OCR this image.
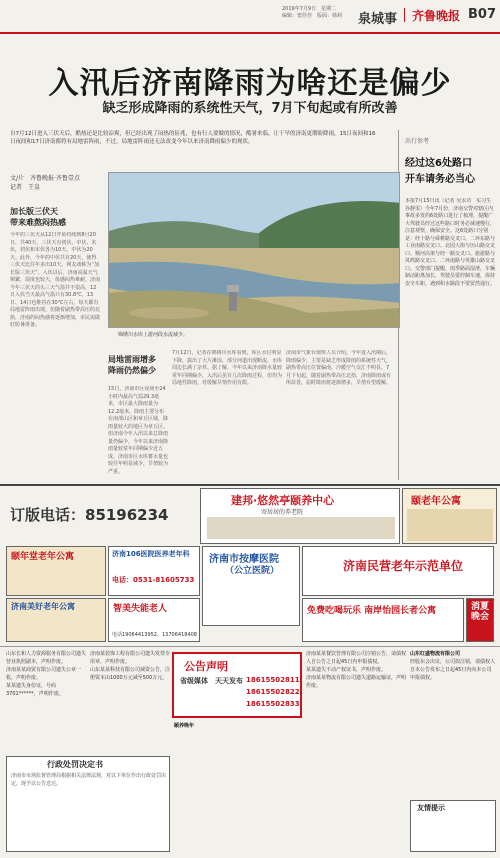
2019年7月9日　星期二
编辑：窦佳佳　版面：韩莉 泉城事 齐鲁晚报 B07
入汛后济南降雨为啥还是偏少
缺乏形成降雨的系统性天气，7月下旬起或有所改善
自7月12日进入三伏天后，酷热还是比较凉爽，但已经出现了闷热的征兆，也有行人要做的情况，酷暑来临，让干旱的济南更期盼降雨，15日夜间和16日夜间和17日济南都将有局地雷阵雨，不过，局地雷阵雨还无法改变今年以来济南降雨偏少的现状。	出行参考
经过这6处路口
开车请务必当心
本报7月15日讯（记者 吴永功　实习生 谷静雯）今年7月份，济南交警对辖区内事故多发的6处路口进行了梳理，提醒广大驾驶员经过这些路口时务必减速慢行，注意观察，确保安全。这6处路口分别是：经十路与舜耕路交叉口、二环东路与工业南路交叉口、北园大街与历山路交叉口、顺河高架与经一路交叉口、旅游路与凤鸣路交叉口、二环南路与英雄山路交叉口。交警部门提醒，雨季路面湿滑，车辆制动距离加长，驾驶员要控制车速，保持安全车距，遇到积水路段不要贸然通行。
文/片　齐鲁晚报·齐鲁壹点
记者　王皇
加长版三伏天
带来难熬闷热感
今年的三伏天从12日开始持续到8月20日，共40天，三伏天有初伏、中伏、末伏，初伏和末伏各为10天，中伏为20天。此外，今年的中伏共有20天，使得三伏天比往年多出10天。网友戏称为“加长版三伏天”。入伏以后，济南高温天气频繁，湿度也较大，体感闷热难耐。济南今年三伏天的头三天气温并不很高，12日入伏当天最高气温只有30.8℃，13日、14日也维持在30℃左右，每天都有局地雷阵雨出现。但随着副热带高压的北抬，济南的闷热感将逐渐增加，市民需做好防暑准备。
锦绣川水库上游河段水流减少。
局地雷雨增多
降雨仍然偏少
15日，济南市区夜间至24小时内最高气温29.3毫米，市区最大降雨量为12.2毫米，降雨主要分布在南部山区和章丘区域，降雨量较大的地区为章丘区。但济南今年入汛以来总降雨量仍偏少，今年以来济南降雨量较常年同期偏少近五成，济南市区水库蓄水量也较往年明显减少，旱情较为严重。
7月12日，记者在锦绣川水库看到，库区水位明显下降，露出了大片滩涂，部分河道出现断流，水库周边长满了杂草。据了解，今年以来济南降水量较常年同期偏少，入汛后虽有几次降雨过程，但均为局地性降雨，对缓解旱情作用有限。
济南市气象台值班人员介绍，今年进入汛期后，降雨偏少，主要是缺乏形成降雨的系统性天气，副热带高压位置偏南，冷暖空气交汇不明显。7月下旬起，随着副热带高压北抬，济南降雨或有所改善，届时降雨将逐渐增多，旱情有望缓解。
建邦·悠然亭颐养中心
寄居居的养老院
颐老年公寓
订版电话：85196234
颐年堂老年公寓	济南106医院医养老年科
电话：0531-81605733
济南市按摩医院
（公立医院）	济南民营老年示范单位
济南美好老年公寓	智美失能老人
电话19064413952、13706418408
免费吃喝玩乐 南岸怡园长者公寓	消夏晚会
山东长和人力资源服务有限公司遗失营业执照副本，声明作废。
济南某某商贸有限公司遗失公章一枚，声明作废。
某某遗失身份证，号码3701******，声明作废。
济南某装饰工程有限公司遗失发票专用章，声明作废。
山东某某科技有限公司减资公告，注册资本由1000万元减至500万元。
公告声明
省级媒体　天天发布 18615502811
18615502822
18615502833
济南某某餐饮管理有限公司注销公告，请债权人自公告之日起45日内申报债权。
某某遗失不动产权证书，声明作废。
济南某某物流有限公司遗失道路运输证，声明作废。
山东红盛物流有限公司
经股东会决议，公司拟注销，请债权人自本公告发布之日起45日内向本公司申报债权。
行政处罚决定书
济南市市场监督管理局根据相关法律法规，对以下单位作出行政处罚决定，现予以公告送达。
颐养晚年
友情提示
